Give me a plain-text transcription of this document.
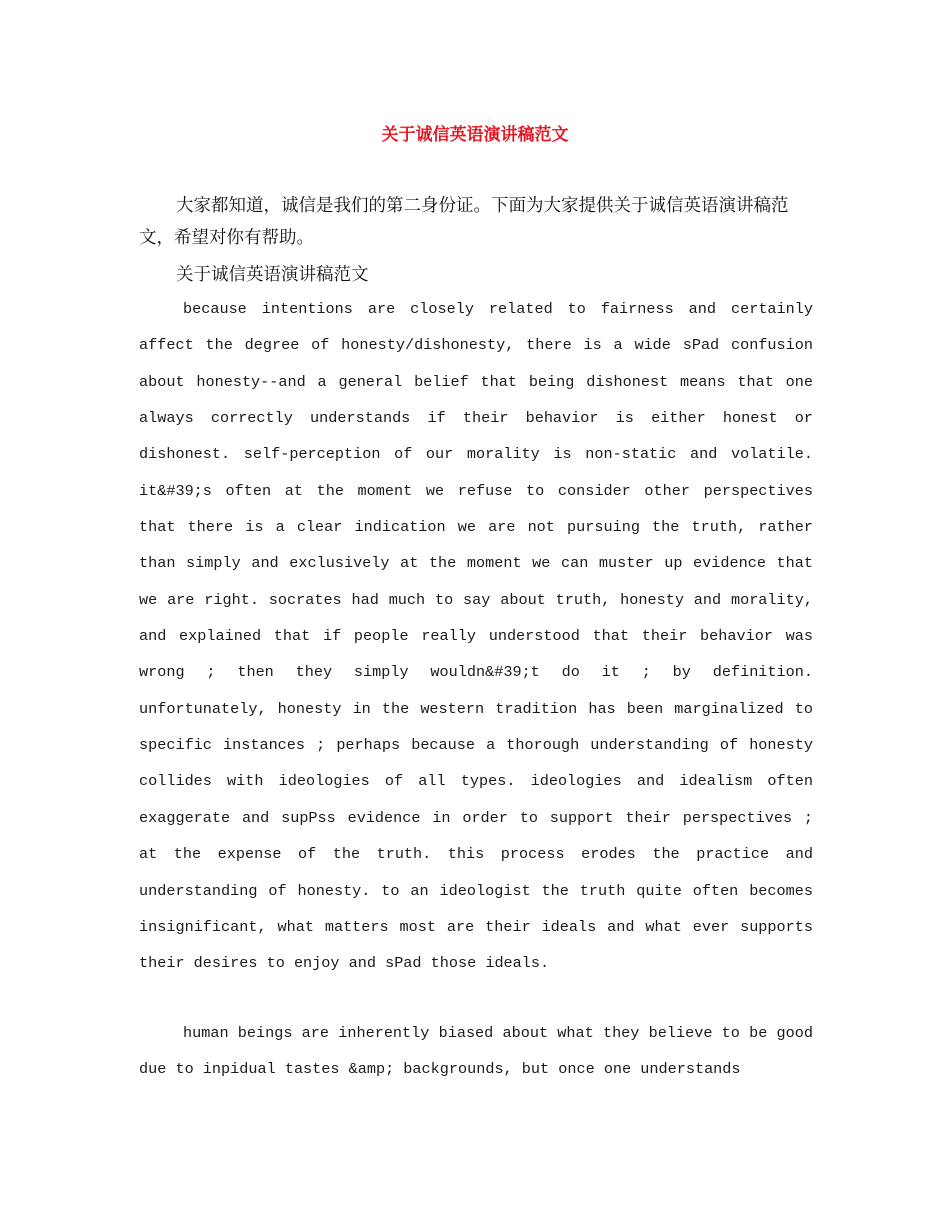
关于诚信英语演讲稿范文
大家都知道，诚信是我们的第二身份证。下面为大家提供关于诚信英语演讲稿范文，希望对你有帮助。
关于诚信英语演讲稿范文
because intentions are closely related to fairness and certainly affect the degree of honesty/dishonesty, there is a wide sPad confusion about honesty--and a general belief that being dishonest means that one always correctly understands if their behavior is either honest or dishonest. self-perception of our morality is non-static and volatile. it&#39;s often at the moment we refuse to consider other perspectives that there is a clear indication we are not pursuing the truth, rather than simply and exclusively at the moment we can muster up evidence that we are right. socrates had much to say about truth, honesty and morality, and explained that if people really understood that their behavior was wrong ; then they simply wouldn&#39;t do it ; by definition. unfortunately, honesty in the western tradition has been marginalized to specific instances ; perhaps because a thorough understanding of honesty collides with ideologies of all types. ideologies and idealism often exaggerate and supPss evidence in order to support their perspectives ; at the expense of the truth. this process erodes the practice and understanding of honesty. to an ideologist the truth quite often becomes insignificant, what matters most are their ideals and what ever supports their desires to enjoy and sPad those ideals.
human beings are inherently biased about what they believe to be good due to inpidual tastes &amp; backgrounds, but once one understands
